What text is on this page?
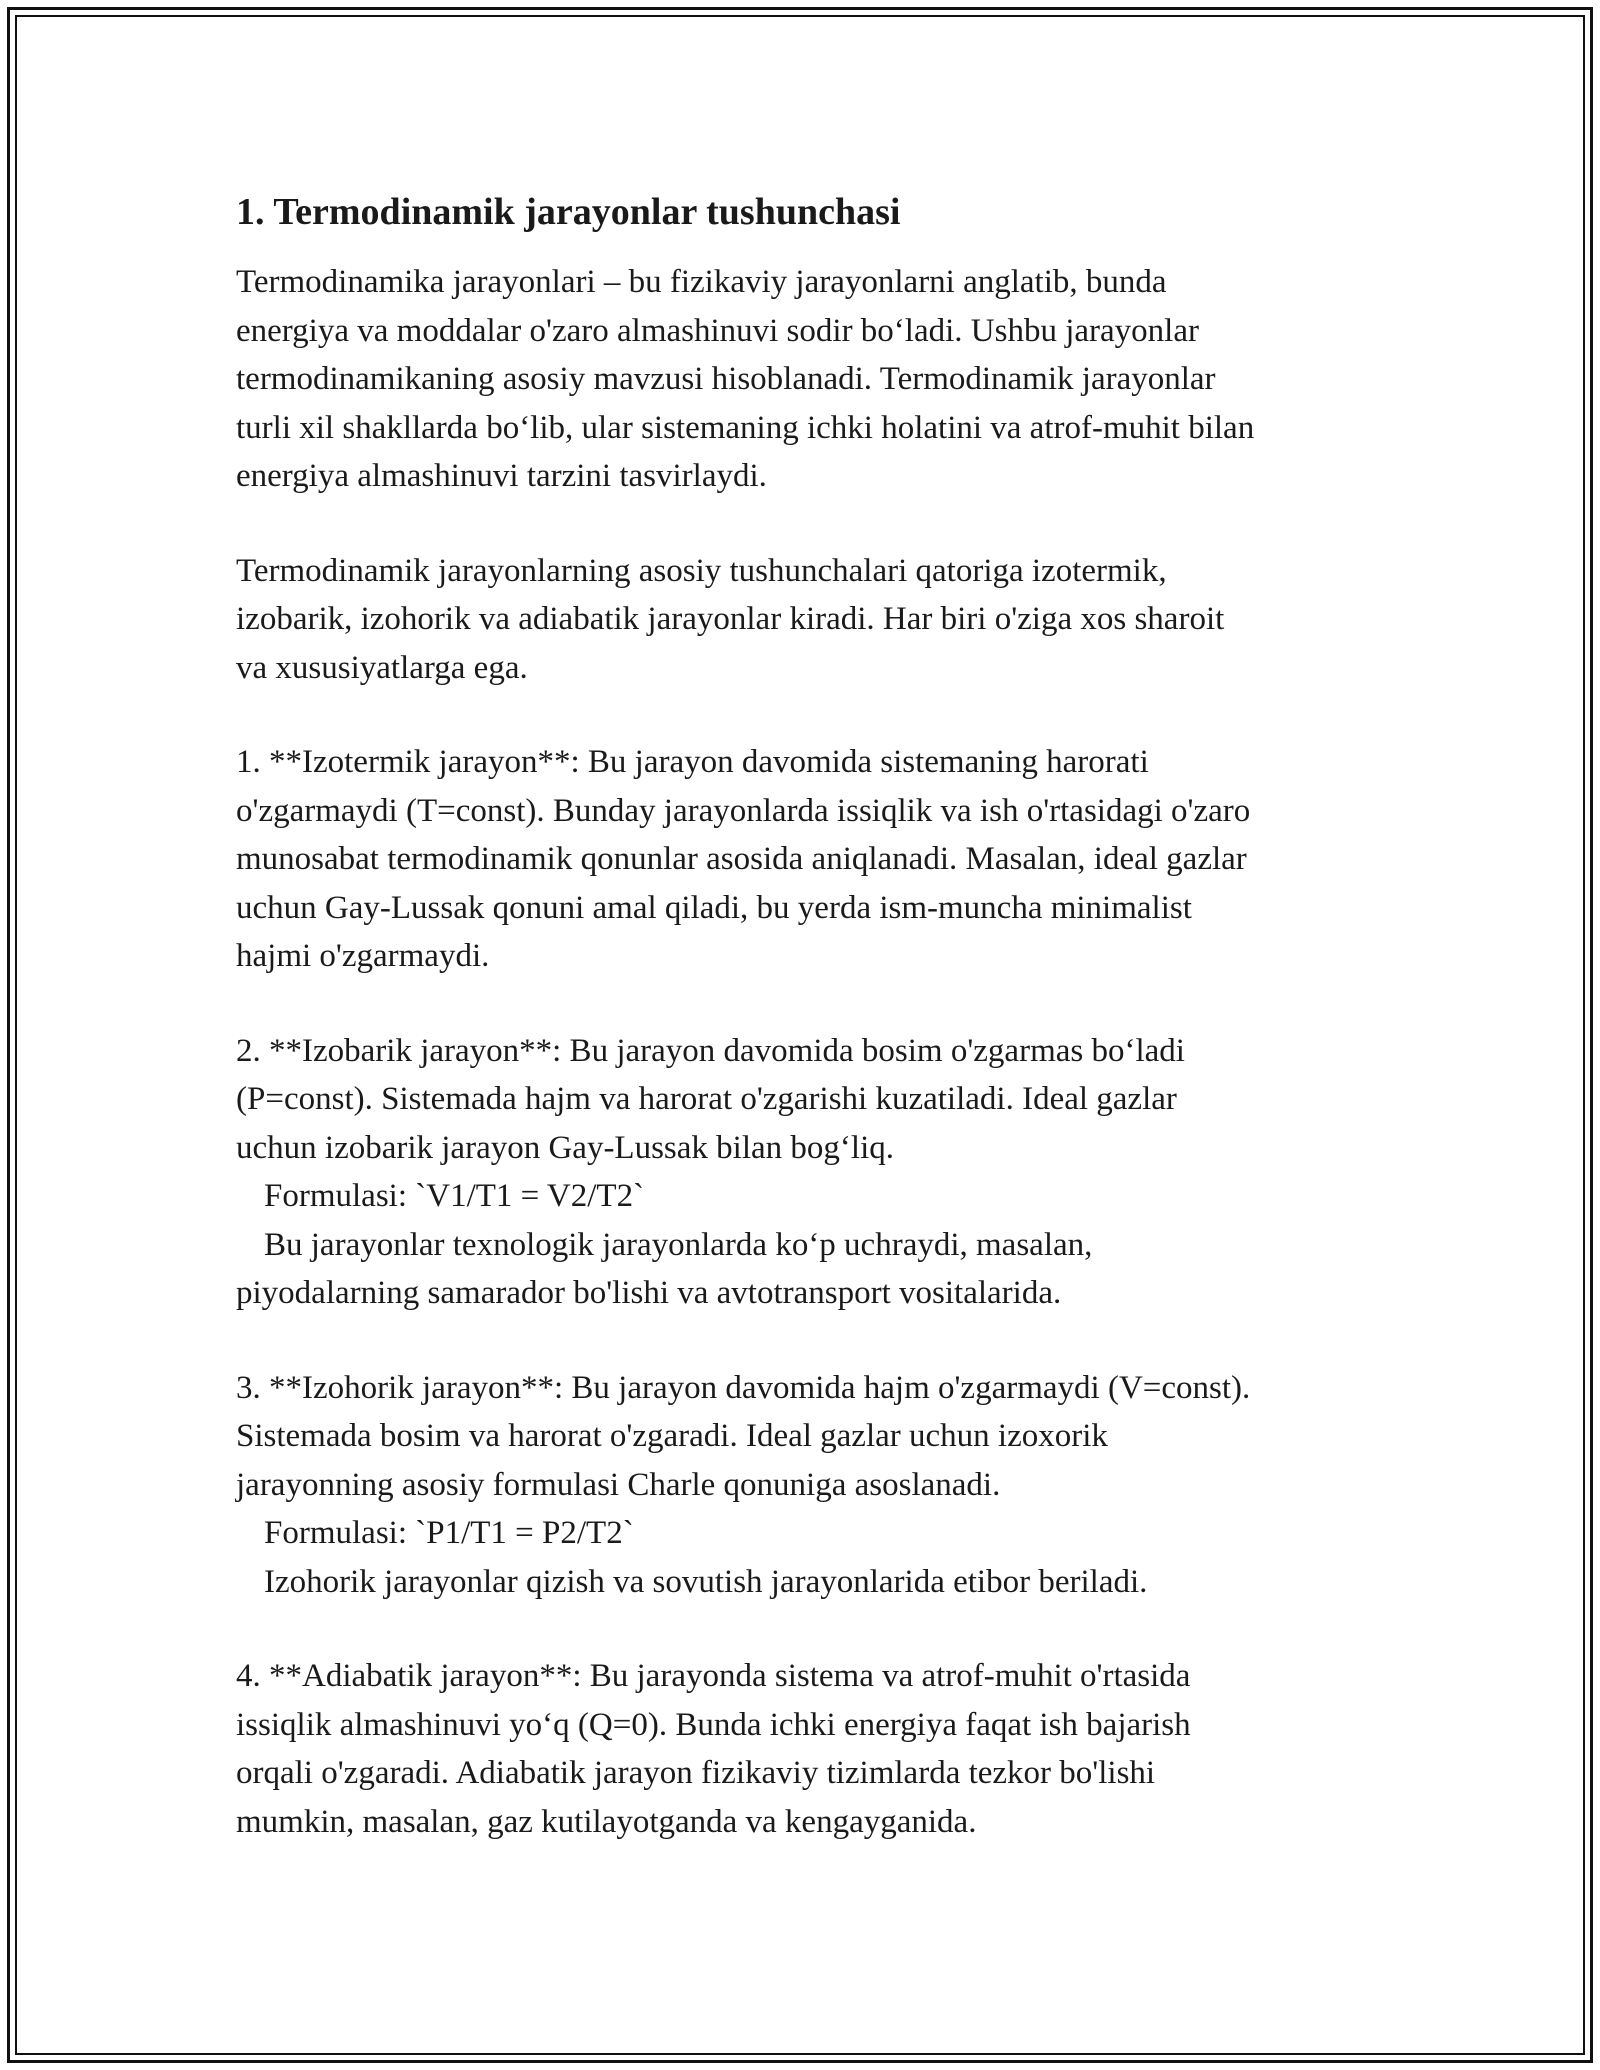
1. Termodinamik jarayonlar tushunchasi
Termodinamika jarayonlari – bu fizikaviy jarayonlarni anglatib, bunda
energiya va moddalar o'zaro almashinuvi sodir bo‘ladi. Ushbu jarayonlar
termodinamikaning asosiy mavzusi hisoblanadi. Termodinamik jarayonlar
turli xil shakllarda bo‘lib, ular sistemaning ichki holatini va atrof-muhit bilan
energiya almashinuvi tarzini tasvirlaydi.
Termodinamik jarayonlarning asosiy tushunchalari qatoriga izotermik,
izobarik, izohorik va adiabatik jarayonlar kiradi. Har biri o'ziga xos sharoit
va xususiyatlarga ega.
1. **Izotermik jarayon**: Bu jarayon davomida sistemaning harorati
o'zgarmaydi (T=const). Bunday jarayonlarda issiqlik va ish o'rtasidagi o'zaro
munosabat termodinamik qonunlar asosida aniqlanadi. Masalan, ideal gazlar
uchun Gay-Lussak qonuni amal qiladi, bu yerda ism-muncha minimalist
hajmi o'zgarmaydi.
2. **Izobarik jarayon**: Bu jarayon davomida bosim o'zgarmas bo‘ladi
(P=const). Sistemada hajm va harorat o'zgarishi kuzatiladi. Ideal gazlar
uchun izobarik jarayon Gay-Lussak bilan bog‘liq.
Formulasi: `V1/T1 = V2/T2`
Bu jarayonlar texnologik jarayonlarda ko‘p uchraydi, masalan,
piyodalarning samarador bo'lishi va avtotransport vositalarida.
3. **Izohorik jarayon**: Bu jarayon davomida hajm o'zgarmaydi (V=const).
Sistemada bosim va harorat o'zgaradi. Ideal gazlar uchun izoxorik
jarayonning asosiy formulasi Charle qonuniga asoslanadi.
Formulasi: `P1/T1 = P2/T2`
Izohorik jarayonlar qizish va sovutish jarayonlarida etibor beriladi.
4. **Adiabatik jarayon**: Bu jarayonda sistema va atrof-muhit o'rtasida
issiqlik almashinuvi yo‘q (Q=0). Bunda ichki energiya faqat ish bajarish
orqali o'zgaradi. Adiabatik jarayon fizikaviy tizimlarda tezkor bo'lishi
mumkin, masalan, gaz kutilayotganda va kengayganida.
